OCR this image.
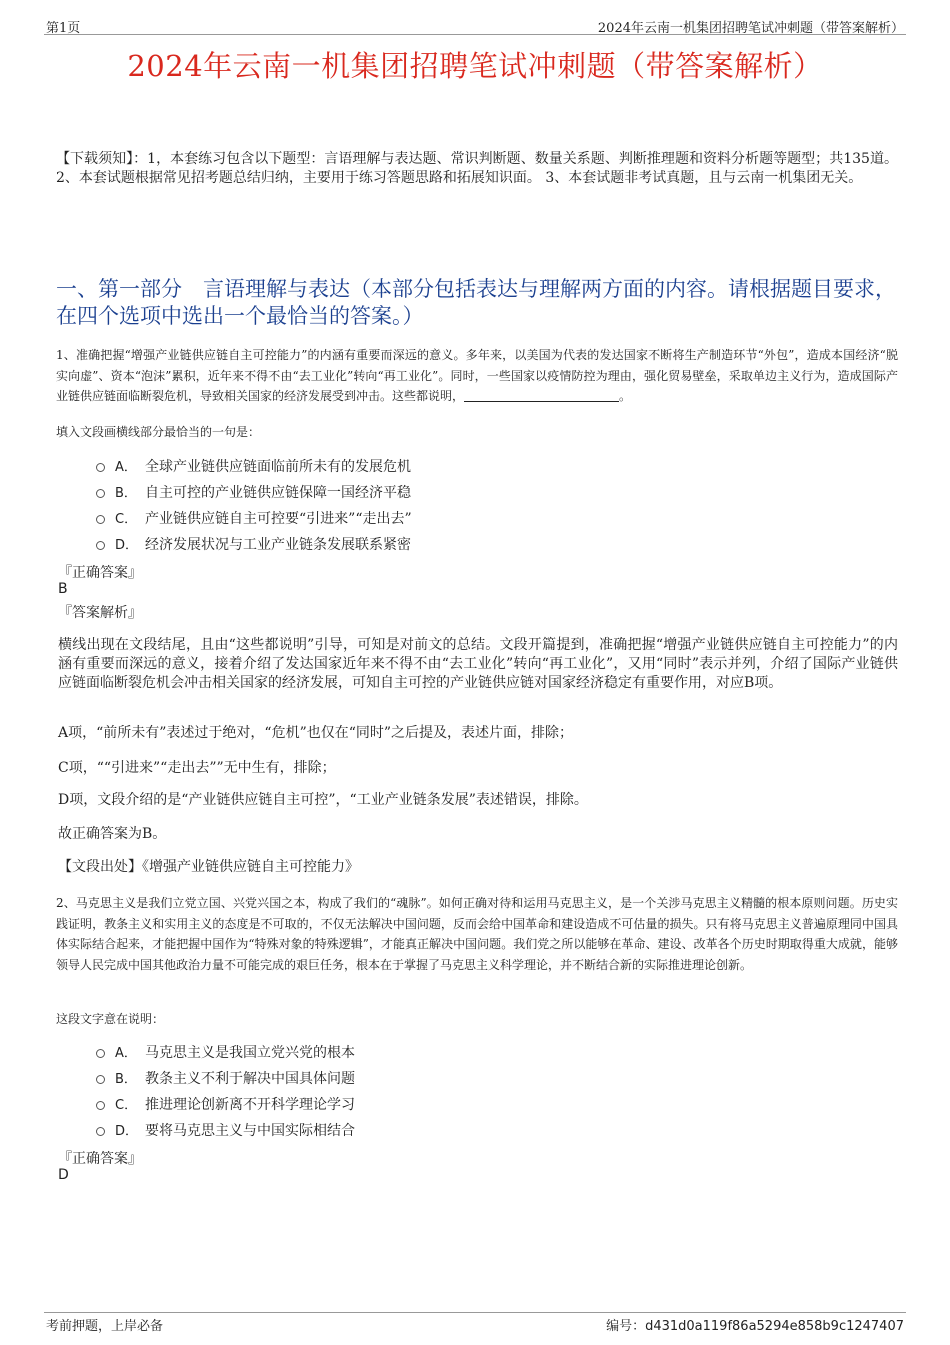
第1页	2024年云南一机集团招聘笔试冲刺题（带答案解析）
2024年云南一机集团招聘笔试冲刺题（带答案解析）
【下载须知】：1，本套练习包含以下题型：言语理解与表达题、常识判断题、数量关系题、判断推理题和资料分析题等题型；共135道。 2、本套试题根据常见招考题总结归纳，主要用于练习答题思路和拓展知识面。 3、本套试题非考试真题，且与云南一机集团无关。
一、第一部分　言语理解与表达（本部分包括表达与理解两方面的内容。请根据题目要求，在四个选项中选出一个最恰当的答案。）
1、准确把握“增强产业链供应链自主可控能力”的内涵有重要而深远的意义。多年来，以美国为代表的发达国家不断将生产制造环节“外包”，造成本国经济“脱实向虚”、资本“泡沫”累积，近年来不得不由“去工业化”转向“再工业化”。同时，一些国家以疫情防控为理由，强化贸易壁垒，采取单边主义行为，造成国际产业链供应链面临断裂危机，导致相关国家的经济发展受到冲击。这些都说明，	。
填入文段画横线部分最恰当的一句是：
A． 全球产业链供应链面临前所未有的发展危机
B． 自主可控的产业链供应链保障一国经济平稳
C． 产业链供应链自主可控要“引进来”“走出去”
D． 经济发展状况与工业产业链条发展联系紧密
『正确答案』
B
『答案解析』
横线出现在文段结尾，且由“这些都说明”引导，可知是对前文的总结。文段开篇提到，准确把握“增强产业链供应链自主可控能力”的内涵有重要而深远的意义，接着介绍了发达国家近年来不得不由“去工业化”转向“再工业化”，又用“同时”表示并列，介绍了国际产业链供应链面临断裂危机会冲击相关国家的经济发展，可知自主可控的产业链供应链对国家经济稳定有重要作用，对应B项。
A项，“前所未有”表述过于绝对，“危机”也仅在“同时”之后提及，表述片面，排除；
C项，““引进来”“走出去””无中生有，排除；
D项，文段介绍的是“产业链供应链自主可控”，“工业产业链条发展”表述错误，排除。
故正确答案为B。
【文段出处】《增强产业链供应链自主可控能力》
2、马克思主义是我们立党立国、兴党兴国之本，构成了我们的“魂脉”。如何正确对待和运用马克思主义，是一个关涉马克思主义精髓的根本原则问题。历史实践证明，教条主义和实用主义的态度是不可取的，不仅无法解决中国问题，反而会给中国革命和建设造成不可估量的损失。只有将马克思主义普遍原理同中国具体实际结合起来，才能把握中国作为“特殊对象的特殊逻辑”，才能真正解决中国问题。我们党之所以能够在革命、建设、改革各个历史时期取得重大成就，能够领导人民完成中国其他政治力量不可能完成的艰巨任务，根本在于掌握了马克思主义科学理论，并不断结合新的实际推进理论创新。
这段文字意在说明：
A． 马克思主义是我国立党兴党的根本
B． 教条主义不利于解决中国具体问题
C． 推进理论创新离不开科学理论学习
D． 要将马克思主义与中国实际相结合
『正确答案』
D
考前押题，上岸必备	编号：d431d0a119f86a5294e858b9c1247407
